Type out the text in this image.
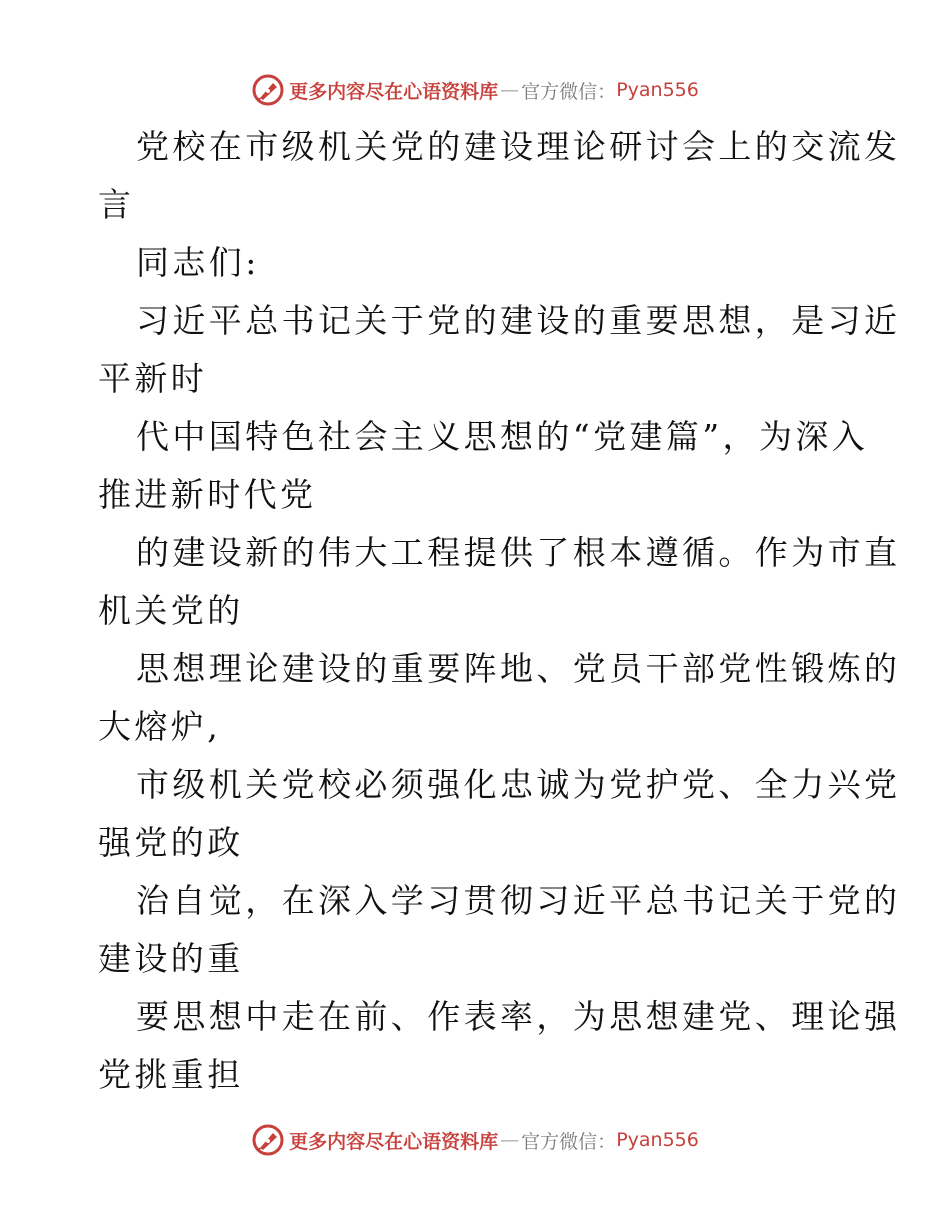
更多内容尽在心语资料库 — 官方微信： Pyan556
党校在市级机关党的建设理论研讨会上的交流发
言
同志们:
习近平总书记关于党的建设的重要思想，是习近
平新时
代中国特色社会主义思想的“党建篇”，为深入
推进新时代党
的建设新的伟大工程提供了根本遵循。作为市直
机关党的
思想理论建设的重要阵地、党员干部党性锻炼的
大熔炉,
市级机关党校必须强化忠诚为党护党、全力兴党
强党的政
治自觉，在深入学习贯彻习近平总书记关于党的
建设的重
要思想中走在前、作表率，为思想建党、理论强
党挑重担
更多内容尽在心语资料库 — 官方微信： Pyan556
